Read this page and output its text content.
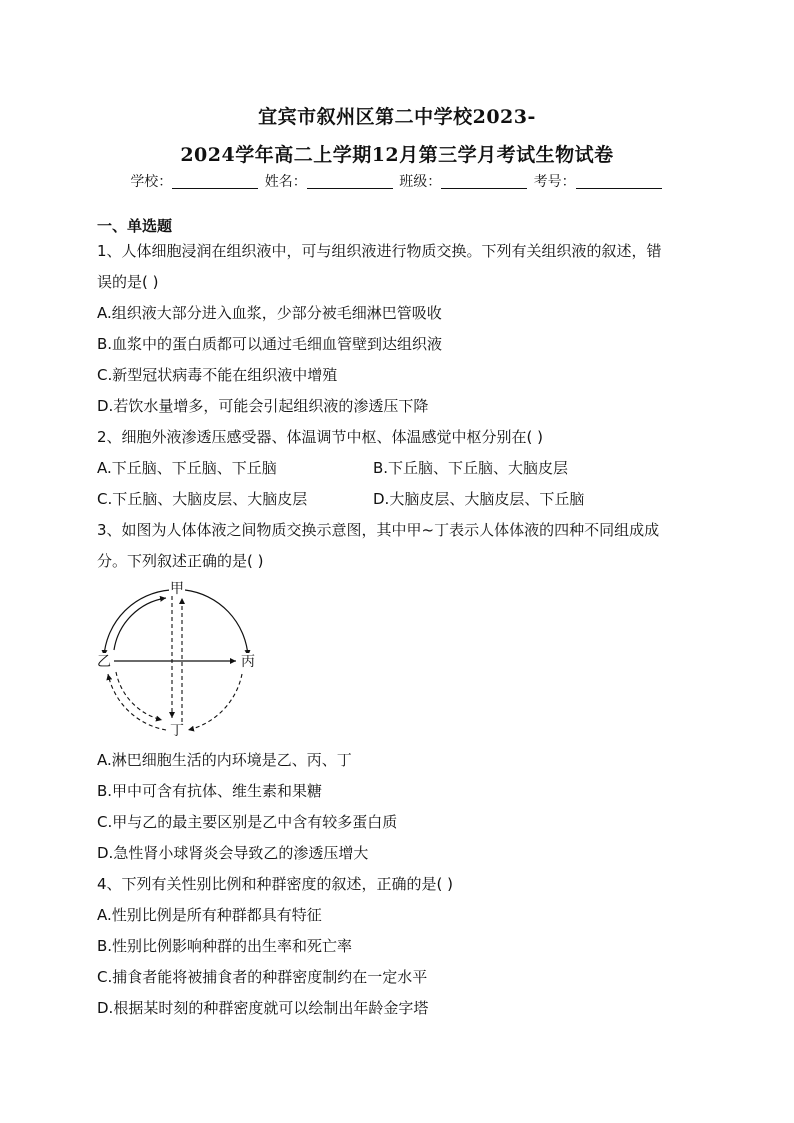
宜宾市叙州区第二中学校2023-
2024学年高二上学期12月第三学月考试生物试卷
学校：	姓名：	班级：	考号：
一、单选题
1、人体细胞浸润在组织液中，可与组织液进行物质交换。下列有关组织液的叙述，错
误的是( )
A.组织液大部分进入血浆，少部分被毛细淋巴管吸收
B.血浆中的蛋白质都可以通过毛细血管壁到达组织液
C.新型冠状病毒不能在组织液中增殖
D.若饮水量增多，可能会引起组织液的渗透压下降
2、细胞外液渗透压感受器、体温调节中枢、体温感觉中枢分别在( )
A.下丘脑、下丘脑、下丘脑	B.下丘脑、下丘脑、大脑皮层
C.下丘脑、大脑皮层、大脑皮层	D.大脑皮层、大脑皮层、下丘脑
3、如图为人体体液之间物质交换示意图，其中甲~丁表示人体体液的四种不同组成成
分。下列叙述正确的是( )
甲
乙	丙
丁
A.淋巴细胞生活的内环境是乙、丙、丁
B.甲中可含有抗体、维生素和果糖
C.甲与乙的最主要区别是乙中含有较多蛋白质
D.急性肾小球肾炎会导致乙的渗透压增大
4、下列有关性别比例和种群密度的叙述，正确的是( )
A.性别比例是所有种群都具有特征
B.性别比例影响种群的出生率和死亡率
C.捕食者能将被捕食者的种群密度制约在一定水平
D.根据某时刻的种群密度就可以绘制出年龄金字塔
